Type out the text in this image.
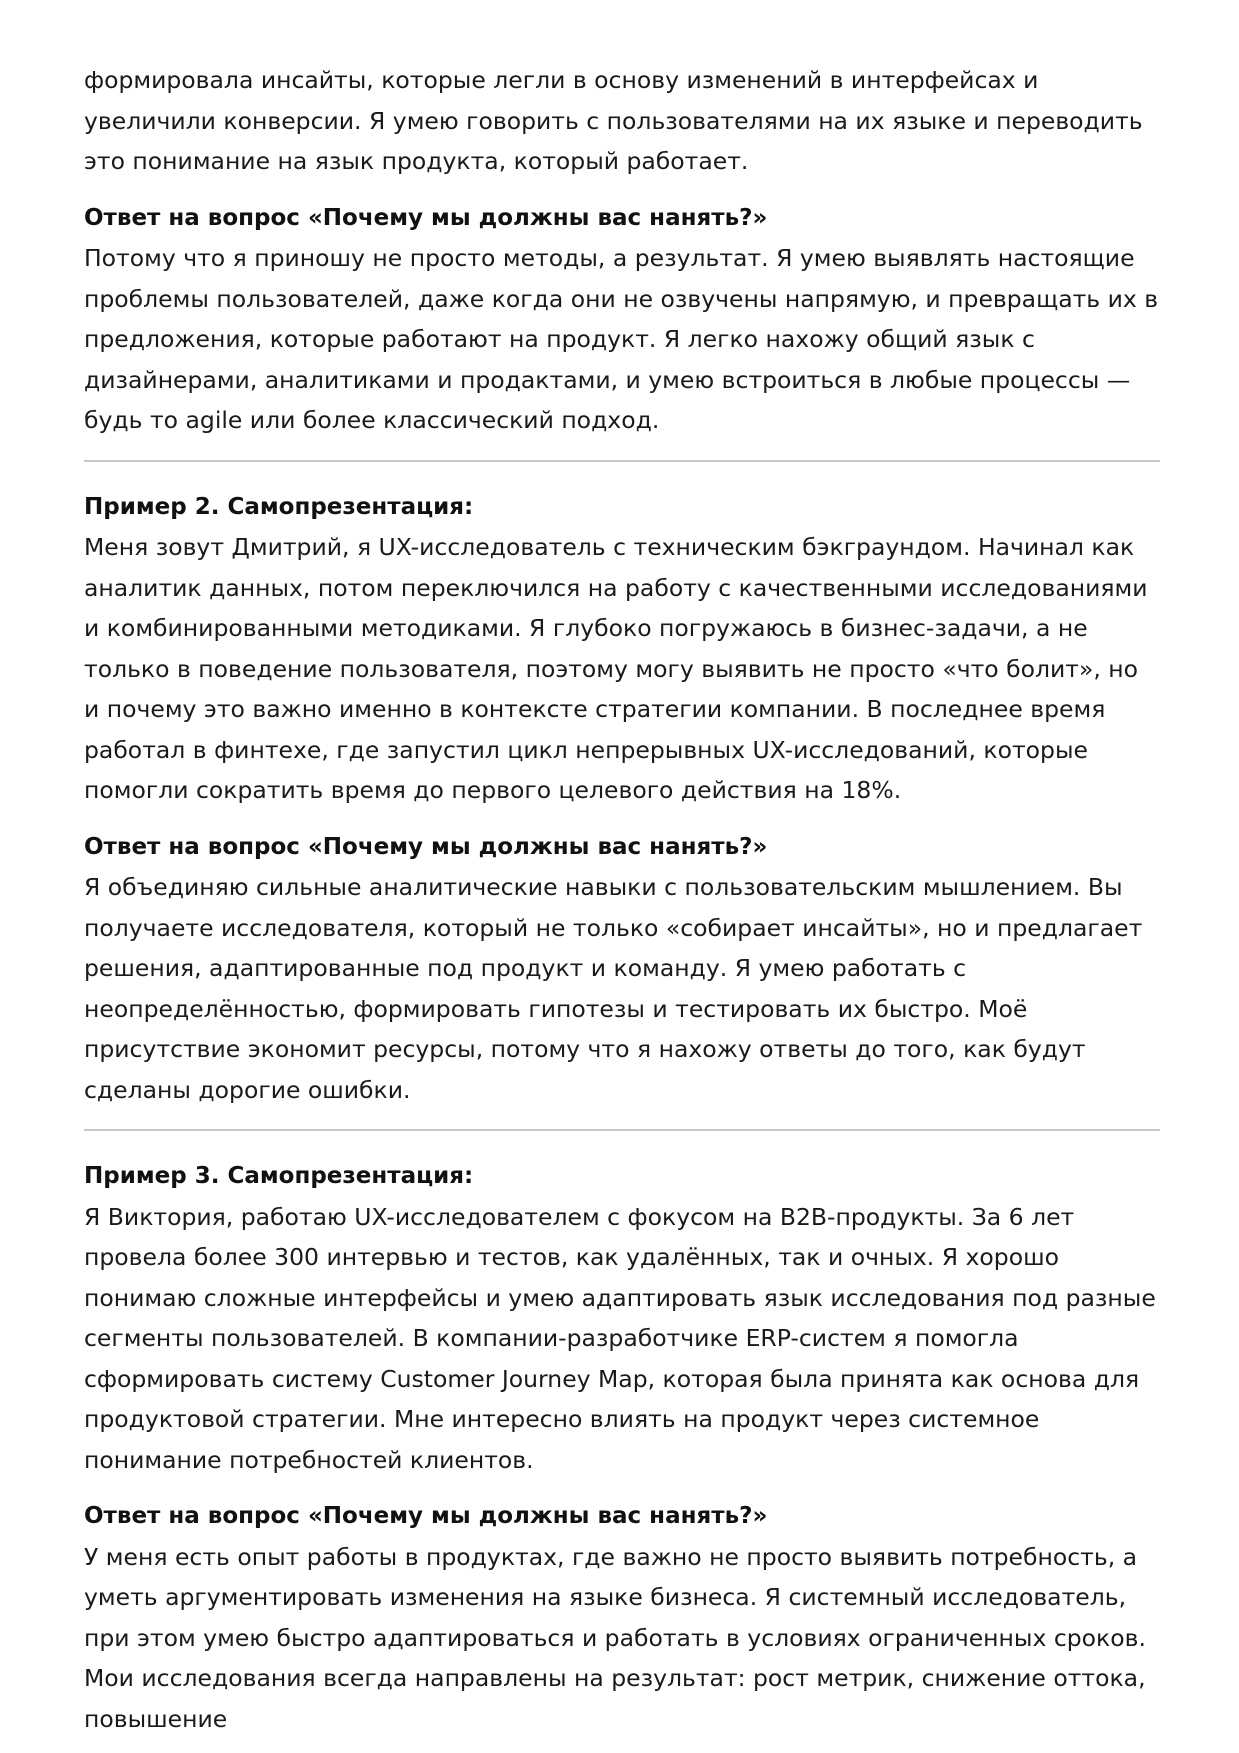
формировала инсайты, которые легли в основу изменений в интерфейсах и увеличили конверсии. Я умею говорить с пользователями на их языке и переводить это понимание на язык продукта, который работает.

Ответ на вопрос «Почему мы должны вас нанять?»

Потому что я приношу не просто методы, а результат. Я умею выявлять настоящие проблемы пользователей, даже когда они не озвучены напрямую, и превращать их в предложения, которые работают на продукт. Я легко нахожу общий язык с дизайнерами, аналитиками и продактами, и умею встроиться в любые процессы — будь то agile или более классический подход.

Пример 2. Самопрезентация:

Меня зовут Дмитрий, я UX-исследователь с техническим бэкграундом. Начинал как аналитик данных, потом переключился на работу с качественными исследованиями и комбинированными методиками. Я глубоко погружаюсь в бизнес-задачи, а не только в поведение пользователя, поэтому могу выявить не просто «что болит», но и почему это важно именно в контексте стратегии компании. В последнее время работал в финтехе, где запустил цикл непрерывных UX-исследований, которые помогли сократить время до первого целевого действия на 18%.

Ответ на вопрос «Почему мы должны вас нанять?»

Я объединяю сильные аналитические навыки с пользовательским мышлением. Вы получаете исследователя, который не только «собирает инсайты», но и предлагает решения, адаптированные под продукт и команду. Я умею работать с неопределённостью, формировать гипотезы и тестировать их быстро. Моё присутствие экономит ресурсы, потому что я нахожу ответы до того, как будут сделаны дорогие ошибки.

Пример 3. Самопрезентация:

Я Виктория, работаю UX-исследователем с фокусом на B2B-продукты. За 6 лет провела более 300 интервью и тестов, как удалённых, так и очных. Я хорошо понимаю сложные интерфейсы и умею адаптировать язык исследования под разные сегменты пользователей. В компании-разработчике ERP-систем я помогла сформировать систему Customer Journey Map, которая была принята как основа для продуктовой стратегии. Мне интересно влиять на продукт через системное понимание потребностей клиентов.

Ответ на вопрос «Почему мы должны вас нанять?»

У меня есть опыт работы в продуктах, где важно не просто выявить потребность, а уметь аргументировать изменения на языке бизнеса. Я системный исследователь, при этом умею быстро адаптироваться и работать в условиях ограниченных сроков. Мои исследования всегда направлены на результат: рост метрик, снижение оттока, повышение
